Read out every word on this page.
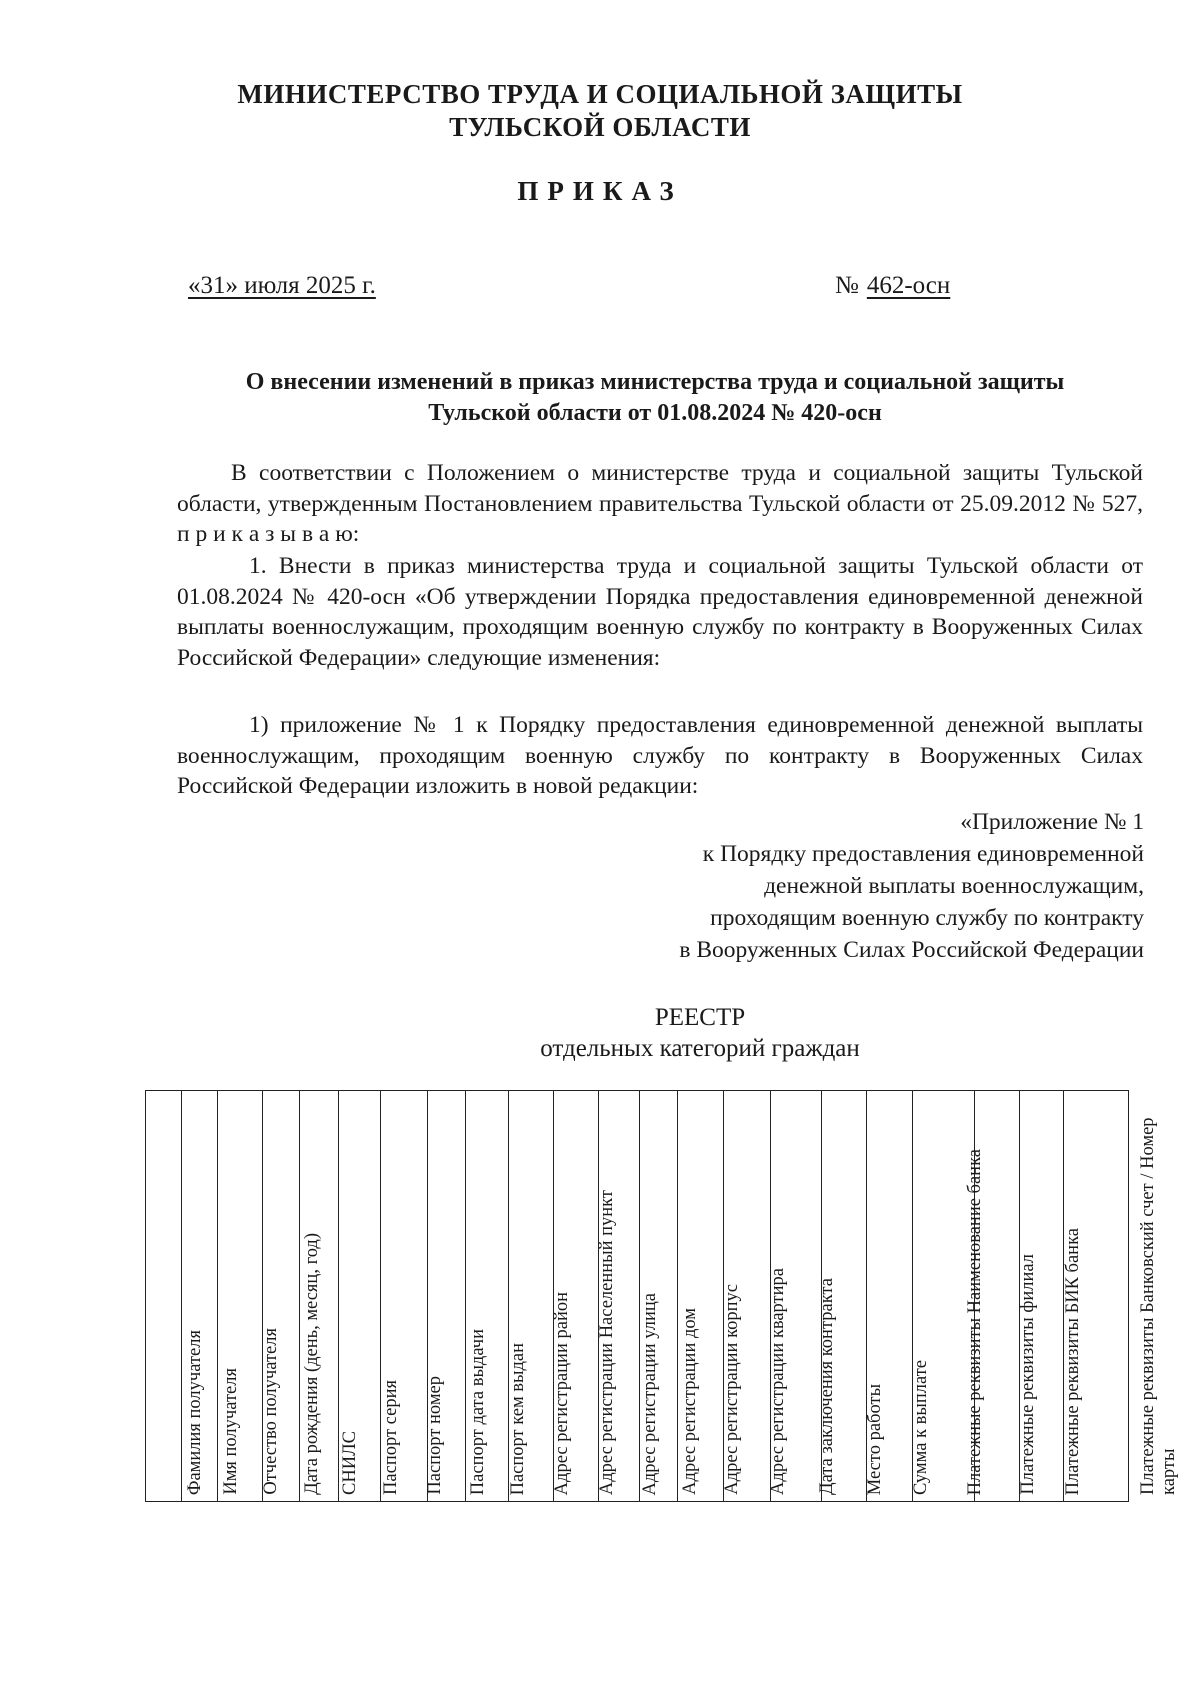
МИНИСТЕРСТВО ТРУДА И СОЦИАЛЬНОЙ ЗАЩИТЫ
ТУЛЬСКОЙ ОБЛАСТИ
ПРИКАЗ
«31» июля 2025 г.	№ 462-осн
О внесении изменений в приказ министерства труда и социальной защиты
Тульской области от 01.08.2024 № 420-осн
В соответствии с Положением о министерстве труда и социальной защиты Тульской области, утвержденным Постановлением правительства Тульской области от 25.09.2012 № 527, п р и к а з ы в а ю:
1. Внести в приказ министерства труда и социальной защиты Тульской области от 01.08.2024 № 420-осн «Об утверждении Порядка предоставления единовременной денежной выплаты военнослужащим, проходящим военную службу по контракту в Вооруженных Силах Российской Федерации» следующие изменения:
1) приложение № 1 к Порядку предоставления единовременной денежной выплаты военнослужащим, проходящим военную службу по контракту в Вооруженных Силах Российской Федерации изложить в новой редакции:
«Приложение № 1
к Порядку предоставления единовременной
денежной выплаты военнослужащим,
проходящим военную службу по контракту
в Вооруженных Силах Российской Федерации
РЕЕСТР
отдельных категорий граждан
Фамилия получателя	Имя получателя	Отчество получателя	Дата рождения (день, месяц, год)	СНИЛС	Паспорт серия	Паспорт номер	Паспорт дата выдачи	Паспорт кем выдан	Адрес регистрации район	Адрес регистрации Населенный пункт	Адрес регистрации улица	Адрес регистрации дом	Адрес регистрации корпус	Адрес регистрации квартира	Дата заключения контракта	Место работы	Сумма к выплате	Платежные реквизиты Наименование банка	Платежные реквизиты филиал	Платежные реквизиты БИК банка	Платежные реквизиты Банковский счет / Номер карты
